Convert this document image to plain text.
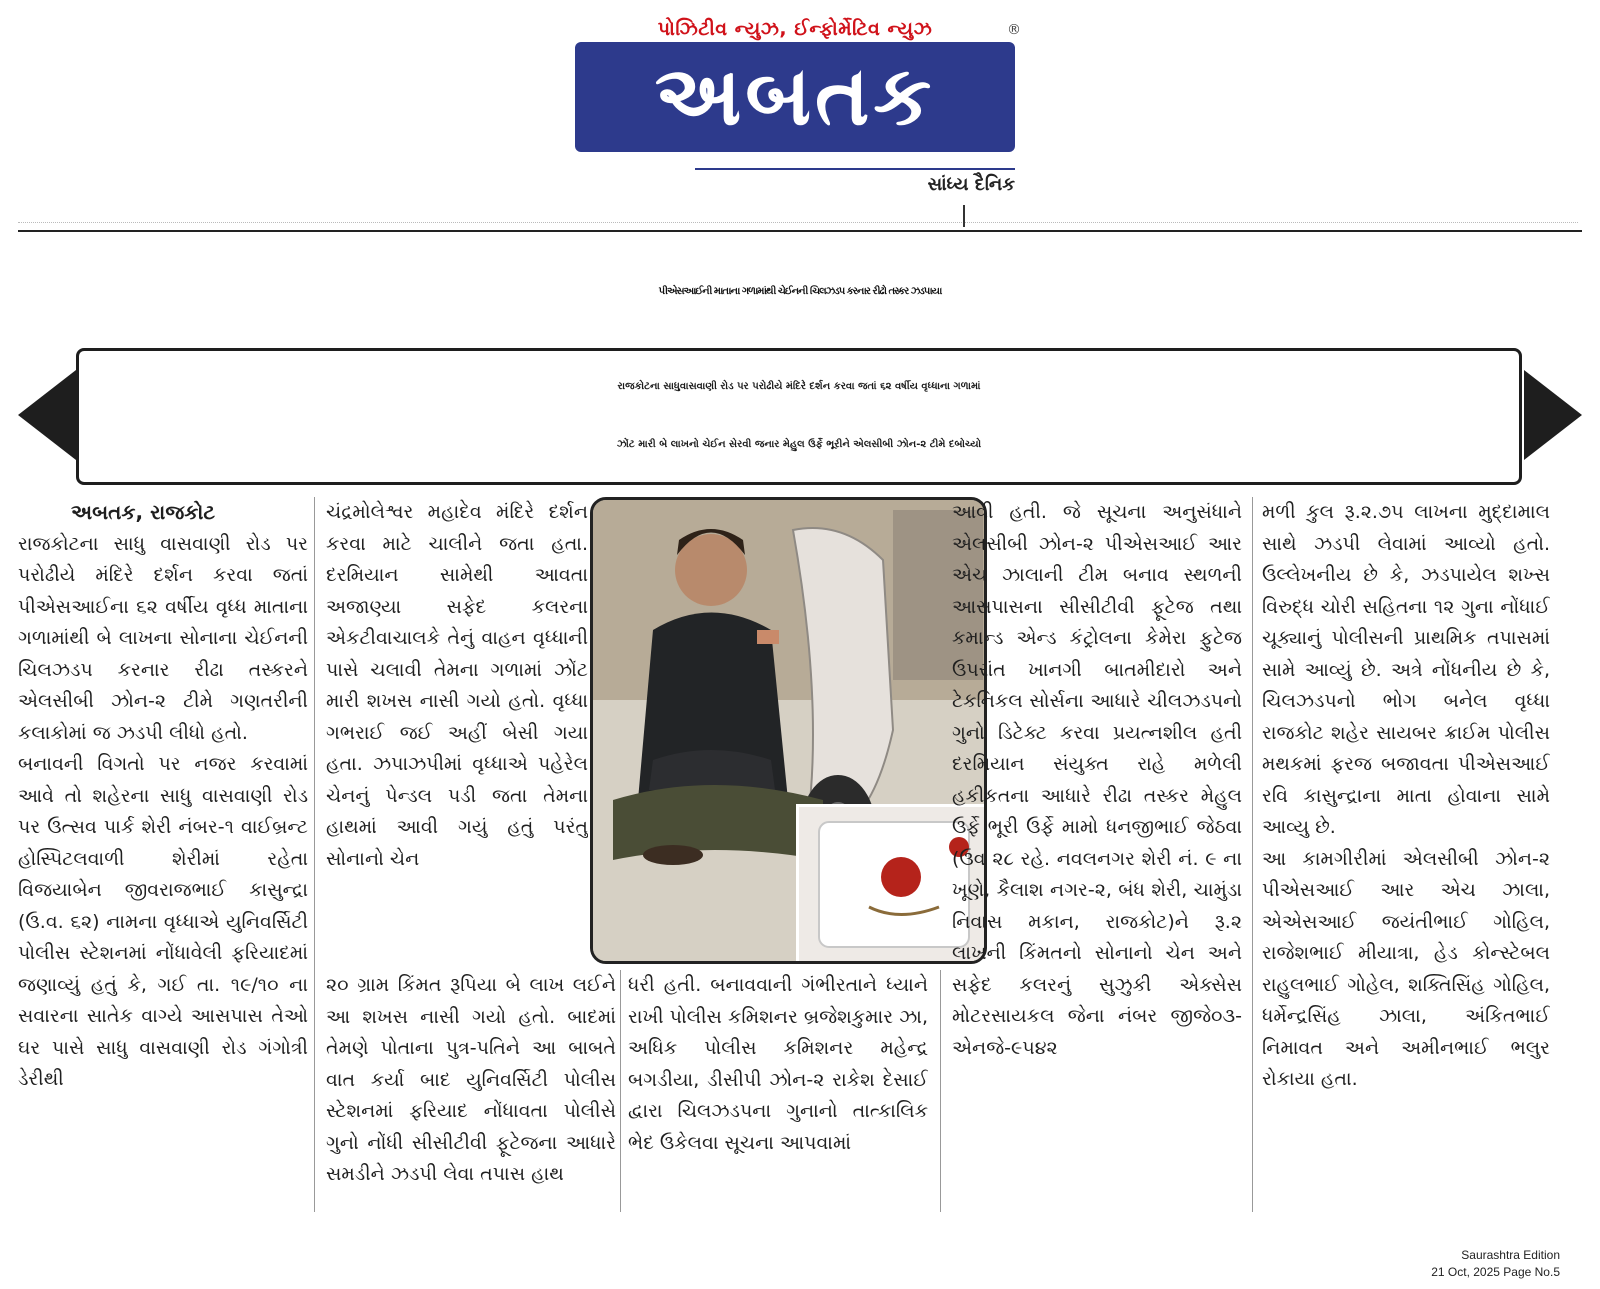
પોઝિટીવ ન્યુઝ, ઈન્ફોર્મેટિવ ન્યુઝ	®
અબતક
સાંધ્ય દૈનિક
પીએસઆઈની માતાના ગળામાંથી ચેઈનની ચિલઝડપ કરનાર રીઢો તસ્કર ઝડપાયા
રાજકોટના સાધુવાસવાણી રોડ પર પરોઢીયે મંદિરે દર્શન કરવા જતાં ૬૨ વર્ષીય વૃધ્ધાના ગળામાં
ઝોંટ મારી બે લાખનો ચેઈન સેરવી જનાર મેહુલ ઉર્ફે ભૂરીને એલસીબી ઝોન-૨ ટીમે દબોચ્યો
અબતક, રાજકોટ
રાજકોટના સાધુ વાસવાણી રોડ પર પરોઢીયે મંદિરે દર્શન કરવા જતાં પીએસઆઈના ૬૨ વર્ષીય વૃધ્ધ માતાના ગળામાંથી બે લાખના સોનાના ચેઈનની ચિલઝડપ કરનાર રીઢા તસ્કરને એલસીબી ઝોન-૨ ટીમે ગણતરીની કલાકોમાં જ ઝડપી લીધો હતો.
બનાવની વિગતો પર નજર કરવામાં આવે તો શહેરના સાધુ વાસવાણી રોડ પર ઉત્સવ પાર્ક શેરી નંબર-૧ વાઈબ્રન્ટ હોસ્પિટલવાળી શેરીમાં રહેતા વિજયાબેન જીવરાજભાઈ કાસુન્દ્રા (ઉ.વ. ૬૨) નામના વૃધ્ધાએ યુનિવર્સિટી પોલીસ સ્ટેશનમાં નોંધાવેલી ફરિયાદમાં જણાવ્યું હતું કે, ગઈ તા. ૧૯/૧૦ ના સવારના સાતેક વાગ્યે આસપાસ તેઓ ઘર પાસે સાધુ વાસવાણી રોડ ગંગોત્રી ડેરીથી
ચંદ્રમોલેશ્વર મહાદેવ મંદિરે દર્શન કરવા માટે ચાલીને જતા હતા. દરમિયાન સામેથી આવતા અજાણ્યા સફેદ કલરના એકટીવાચાલકે તેનું વાહન વૃધ્ધાની પાસે ચલાવી તેમના ગળામાં ઝોંટ મારી શખસ નાસી ગયો હતો. વૃધ્ધા ગભરાઈ જઈ અહીં બેસી ગયા હતા. ઝપાઝપીમાં વૃધ્ધાએ પહેરેલ ચેનનું પેન્ડલ પડી જતા તેમના હાથમાં આવી ગયું હતું પરંતુ સોનાનો ચેન
૨૦ ગ્રામ કિંમત રૂપિયા બે લાખ લઈને આ શખસ નાસી ગયો હતો. બાદમાં તેમણે પોતાના પુત્ર-પતિને આ બાબતે વાત કર્યા બાદ યુનિવર્સિટી પોલીસ સ્ટેશનમાં ફરિયાદ નોંધાવતા પોલીસે ગુનો નોંધી સીસીટીવી ફૂટેજના આધારે સમડીને ઝડપી લેવા તપાસ હાથ
ધરી હતી. બનાવવાની ગંભીરતાને ધ્યાને રાખી પોલીસ કમિશનર બ્રજેશકુમાર ઝા, અધિક પોલીસ કમિશનર મહેન્દ્ર બગડીયા, ડીસીપી ઝોન-૨ રાકેશ દેસાઈ દ્વારા ચિલઝડપના ગુનાનો તાત્કાલિક ભેદ ઉકેલવા સૂચના આપવામાં
આવી હતી. જે સૂચના અનુસંધાને એલસીબી ઝોન-૨ પીએસઆઈ આર એચ ઝાલાની ટીમ બનાવ સ્થળની આસપાસના સીસીટીવી ફૂટેજ તથા કમાન્ડ એન્ડ કંટ્રોલના કેમેરા ફુટેજ ઉપરાંત ખાનગી બાતમીદારો અને ટેકનિકલ સોર્સના આધારે ચીલઝડપનો ગુનો ડિટેક્ટ કરવા પ્રયત્નશીલ હતી દરમિયાન સંયુક્ત રાહે મળેલી હકીકતના આધારે રીઢા તસ્કર મેહુલ ઉર્ફે ભૂરી ઉર્ફે મામો ધનજીભાઈ જેઠવા (ઉવ ૨૮ રહે. નવલનગર શેરી નં. ૯ ના ખૂણે, કૈલાશ નગર-૨, બંધ શેરી, ચામુંડા નિવાસ મકાન, રાજકોટ)ને રૂ.૨ લાખની કિંમતનો સોનાનો ચેન અને સફેદ કલરનું સુઝુકી એક્સેસ મોટરસાયકલ જેના નંબર જીજે૦૩-એનજે-૯૫૪૨
મળી કુલ રૂ.૨.૭૫ લાખના મુદ્દામાલ સાથે ઝડપી લેવામાં આવ્યો હતો. ઉલ્લેખનીય છે કે, ઝડપાયેલ શખ્સ વિરુદ્ધ ચોરી સહિતના ૧૨ ગુના નોંધાઈ ચૂક્યાનું પોલીસની પ્રાથમિક તપાસમાં સામે આવ્યું છે. અત્રે નોંધનીય છે કે, ચિલઝડપનો ભોગ બનેલ વૃધ્ધા રાજકોટ શહેર સાયબર ક્રાઈમ પોલીસ મથકમાં ફરજ બજાવતા પીએસઆઈ રવિ કાસુન્દ્રાના માતા હોવાના સામે આવ્યુ છે.
આ કામગીરીમાં એલસીબી ઝોન-૨ પીએસઆઈ આર એચ ઝાલા, એએસઆઈ જયંતીભાઈ ગોહિલ, રાજેશભાઈ મીયાત્રા, હેડ કોન્સ્ટેબલ રાહુલભાઈ ગોહેલ, શક્તિસિંહ ગોહિલ, ધર્મેન્દ્રસિંહ ઝાલા, અંકિતભાઈ નિમાવત અને અમીનભાઈ ભલુર રોકાયા હતા.
Saurashtra Edition
21 Oct, 2025 Page No.5
